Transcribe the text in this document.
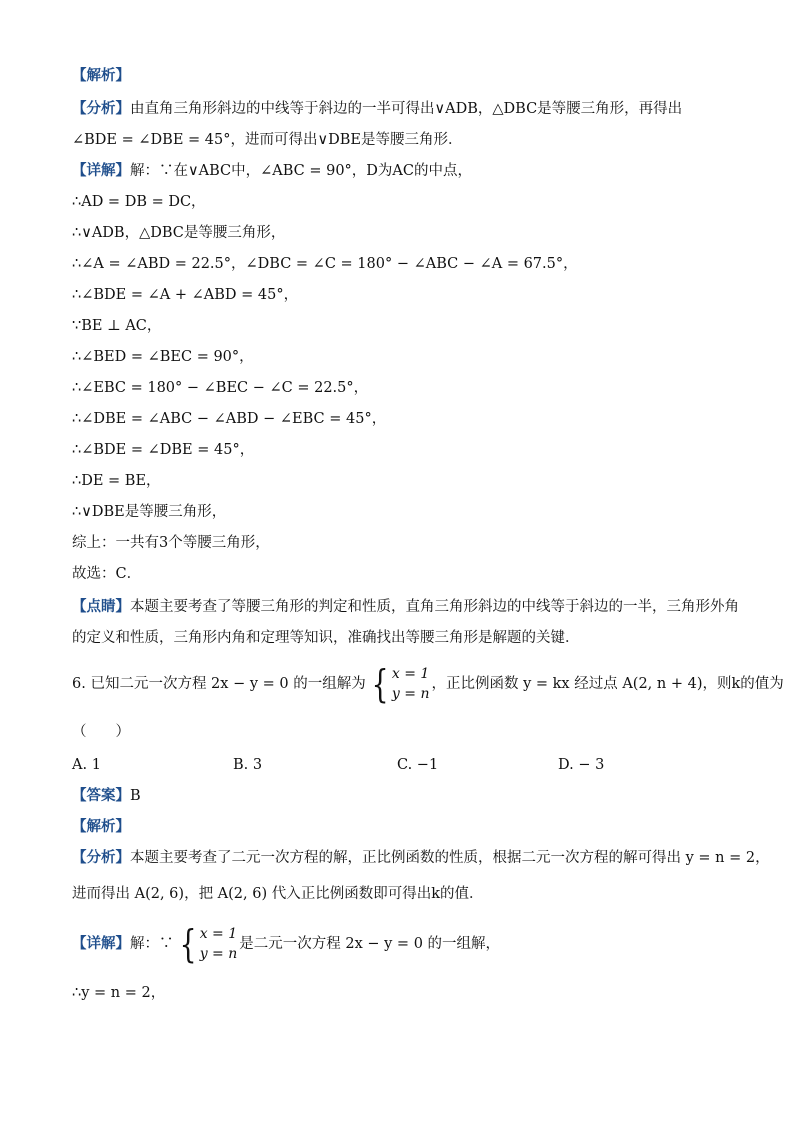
【解析】
【分析】由直角三角形斜边的中线等于斜边的一半可得出∨ADB，△DBC是等腰三角形，再得出
∠BDE = ∠DBE = 45°，进而可得出∨DBE是等腰三角形．
【详解】解：∵在∨ABC中，∠ABC = 90°，D为AC的中点，
∴AD = DB = DC，
∴∨ADB，△DBC是等腰三角形，
∴∠A = ∠ABD = 22.5°，∠DBC = ∠C = 180° − ∠ABC − ∠A = 67.5°，
∴∠BDE = ∠A + ∠ABD = 45°，
∵BE ⊥ AC，
∴∠BED = ∠BEC = 90°，
∴∠EBC = 180° − ∠BEC − ∠C = 22.5°，
∴∠DBE = ∠ABC − ∠ABD − ∠EBC = 45°，
∴∠BDE = ∠DBE = 45°，
∴DE = BE，
∴∨DBE是等腰三角形，
综上：一共有3个等腰三角形，
故选：C．
【点睛】本题主要考查了等腰三角形的判定和性质，直角三角形斜边的中线等于斜边的一半，三角形外角
的定义和性质，三角形内角和定理等知识，准确找出等腰三角形是解题的关键．
6. 已知二元一次方程 2x − y = 0 的一组解为 { x = 1
y = n，正比例函数 y = kx 经过点 A(2, n + 4)，则k的值为
（　　）
A. 1	B. 3	C. −1	D. − 3
【答案】B
【解析】
【分析】本题主要考查了二元一次方程的解，正比例函数的性质，根据二元一次方程的解可得出 y = n = 2，
进而得出 A(2, 6)，把 A(2, 6) 代入正比例函数即可得出k的值．
【详解】解：∵ { x = 1
y = n是二元一次方程 2x − y = 0 的一组解，
∴y = n = 2，
